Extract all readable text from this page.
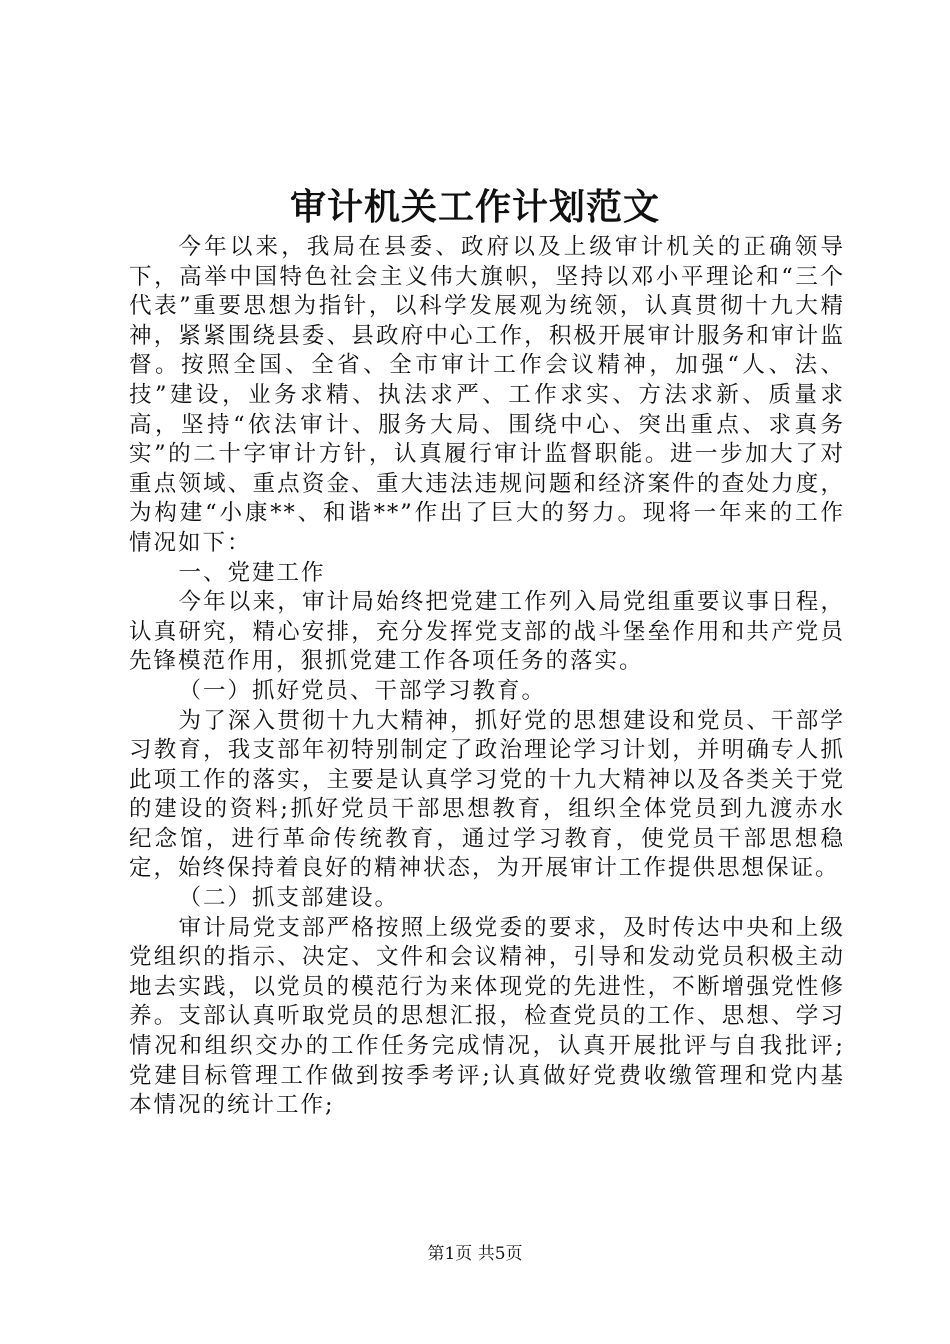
审计机关工作计划范文

今年以来，我局在县委、政府以及上级审计机关的正确领导下，高举中国特色社会主义伟大旗帜，坚持以邓小平理论和“三个代表”重要思想为指针，以科学发展观为统领，认真贯彻十九大精神，紧紧围绕县委、县政府中心工作，积极开展审计服务和审计监督。按照全国、全省、全市审计工作会议精神，加强“人、法、技”建设，业务求精、执法求严、工作求实、方法求新、质量求高，坚持“依法审计、服务大局、围绕中心、突出重点、求真务实”的二十字审计方针，认真履行审计监督职能。进一步加大了对重点领域、重点资金、重大违法违规问题和经济案件的查处力度，为构建“小康**、和谐**”作出了巨大的努力。现将一年来的工作情况如下：

一、党建工作

今年以来，审计局始终把党建工作列入局党组重要议事日程，认真研究，精心安排，充分发挥党支部的战斗堡垒作用和共产党员先锋模范作用，狠抓党建工作各项任务的落实。

（一）抓好党员、干部学习教育。

为了深入贯彻十九大精神，抓好党的思想建设和党员、干部学习教育，我支部年初特别制定了政治理论学习计划，并明确专人抓此项工作的落实，主要是认真学习党的十九大精神以及各类关于党的建设的资料;抓好党员干部思想教育，组织全体党员到九渡赤水纪念馆，进行革命传统教育，通过学习教育，使党员干部思想稳定，始终保持着良好的精神状态，为开展审计工作提供思想保证。

（二）抓支部建设。

审计局党支部严格按照上级党委的要求，及时传达中央和上级党组织的指示、决定、文件和会议精神，引导和发动党员积极主动地去实践，以党员的模范行为来体现党的先进性，不断增强党性修养。支部认真听取党员的思想汇报，检查党员的工作、思想、学习情况和组织交办的工作任务完成情况，认真开展批评与自我批评;党建目标管理工作做到按季考评;认真做好党费收缴管理和党内基本情况的统计工作;

第1页 共5页
